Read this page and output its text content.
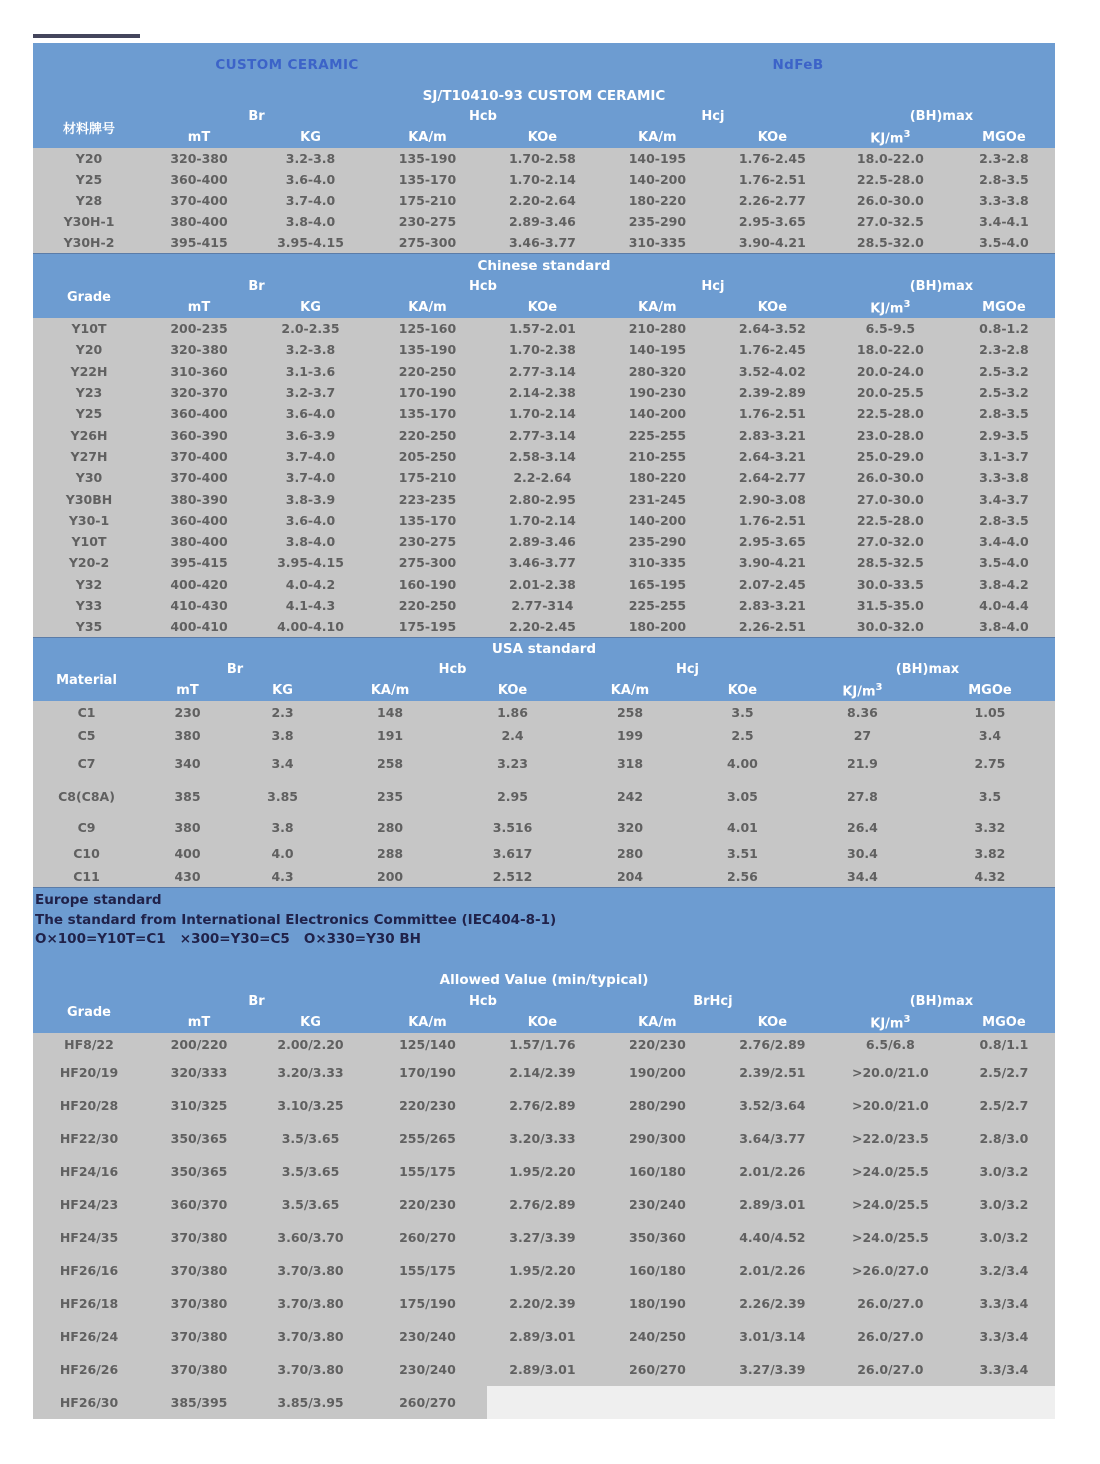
CUSTOM CERAMIC	NdFeB
SJ/T10410-93 CUSTOM CERAMIC
材料牌号	Br		Hcb		Hcj		(BH)max	
	mT	KG	KA/m	KOe	KA/m	KOe	$KJ/m^3$	MGOe
Y20	320-380	3.2-3.8	135-190	1.70-2.58	140-195	1.76-2.45	18.0-22.0	2.3-2.8
Y25	360-400	3.6-4.0	135-170	1.70-2.14	140-200	1.76-2.51	22.5-28.0	2.8-3.5
Y28	370-400	3.7-4.0	175-210	2.20-2.64	180-220	2.26-2.77	26.0-30.0	3.3-3.8
Y30H-1	380-400	3.8-4.0	230-275	2.89-3.46	235-290	2.95-3.65	27.0-32.5	3.4-4.1
Y30H-2	395-415	3.95-4.15	275-300	3.46-3.77	310-335	3.90-4.21	28.5-32.0	3.5-4.0
Chinese standard
Grade	Br		Hcb		Hcj		(BH)max	
	mT	KG	KA/m	KOe	KA/m	KOe	$KJ/m^3$	MGOe
Y10T	200-235	2.0-2.35	125-160	1.57-2.01	210-280	2.64-3.52	6.5-9.5	0.8-1.2
Y20	320-380	3.2-3.8	135-190	1.70-2.38	140-195	1.76-2.45	18.0-22.0	2.3-2.8
Y22H	310-360	3.1-3.6	220-250	2.77-3.14	280-320	3.52-4.02	20.0-24.0	2.5-3.2
Y23	320-370	3.2-3.7	170-190	2.14-2.38	190-230	2.39-2.89	20.0-25.5	2.5-3.2
Y25	360-400	3.6-4.0	135-170	1.70-2.14	140-200	1.76-2.51	22.5-28.0	2.8-3.5
Y26H	360-390	3.6-3.9	220-250	2.77-3.14	225-255	2.83-3.21	23.0-28.0	2.9-3.5
Y27H	370-400	3.7-4.0	205-250	2.58-3.14	210-255	2.64-3.21	25.0-29.0	3.1-3.7
Y30	370-400	3.7-4.0	175-210	2.2-2.64	180-220	2.64-2.77	26.0-30.0	3.3-3.8
Y30BH	380-390	3.8-3.9	223-235	2.80-2.95	231-245	2.90-3.08	27.0-30.0	3.4-3.7
Y30-1	360-400	3.6-4.0	135-170	1.70-2.14	140-200	1.76-2.51	22.5-28.0	2.8-3.5
Y10T	380-400	3.8-4.0	230-275	2.89-3.46	235-290	2.95-3.65	27.0-32.0	3.4-4.0
Y20-2	395-415	3.95-4.15	275-300	3.46-3.77	310-335	3.90-4.21	28.5-32.5	3.5-4.0
Y32	400-420	4.0-4.2	160-190	2.01-2.38	165-195	2.07-2.45	30.0-33.5	3.8-4.2
Y33	410-430	4.1-4.3	220-250	2.77-314	225-255	2.83-3.21	31.5-35.0	4.0-4.4
Y35	400-410	4.00-4.10	175-195	2.20-2.45	180-200	2.26-2.51	30.0-32.0	3.8-4.0
USA standard
Material	Br		Hcb		Hcj		(BH)max	
	mT	KG	KA/m	KOe	KA/m	KOe	$KJ/m^3$	MGOe
C1	230	2.3	148	1.86	258	3.5	8.36	1.05
C5	380	3.8	191	2.4	199	2.5	27	3.4
C7	340	3.4	258	3.23	318	4.00	21.9	2.75
C8(C8A)	385	3.85	235	2.95	242	3.05	27.8	3.5
C9	380	3.8	280	3.516	320	4.01	26.4	3.32
C10	400	4.0	288	3.617	280	3.51	30.4	3.82
C11	430	4.3	200	2.512	204	2.56	34.4	4.32
Europe standard
The standard from International Electronics Committee (IEC404-8-1)
O×100=Y10T=C1   ×300=Y30=C5   O×330=Y30 BH
Allowed Value (min/typical)
Grade	Br		Hcb		BrHcj		(BH)max	
	mT	KG	KA/m	KOe	KA/m	KOe	$KJ/m^3$	MGOe
HF8/22	200/220	2.00/2.20	125/140	1.57/1.76	220/230	2.76/2.89	6.5/6.8	0.8/1.1
HF20/19	320/333	3.20/3.33	170/190	2.14/2.39	190/200	2.39/2.51	>20.0/21.0	2.5/2.7
HF20/28	310/325	3.10/3.25	220/230	2.76/2.89	280/290	3.52/3.64	>20.0/21.0	2.5/2.7
HF22/30	350/365	3.5/3.65	255/265	3.20/3.33	290/300	3.64/3.77	>22.0/23.5	2.8/3.0
HF24/16	350/365	3.5/3.65	155/175	1.95/2.20	160/180	2.01/2.26	>24.0/25.5	3.0/3.2
HF24/23	360/370	3.5/3.65	220/230	2.76/2.89	230/240	2.89/3.01	>24.0/25.5	3.0/3.2
HF24/35	370/380	3.60/3.70	260/270	3.27/3.39	350/360	4.40/4.52	>24.0/25.5	3.0/3.2
HF26/16	370/380	3.70/3.80	155/175	1.95/2.20	160/180	2.01/2.26	>26.0/27.0	3.2/3.4
HF26/18	370/380	3.70/3.80	175/190	2.20/2.39	180/190	2.26/2.39	26.0/27.0	3.3/3.4
HF26/24	370/380	3.70/3.80	230/240	2.89/3.01	240/250	3.01/3.14	26.0/27.0	3.3/3.4
HF26/26	370/380	3.70/3.80	230/240	2.89/3.01	260/270	3.27/3.39	26.0/27.0	3.3/3.4
HF26/30	385/395	3.85/3.95	260/270					
